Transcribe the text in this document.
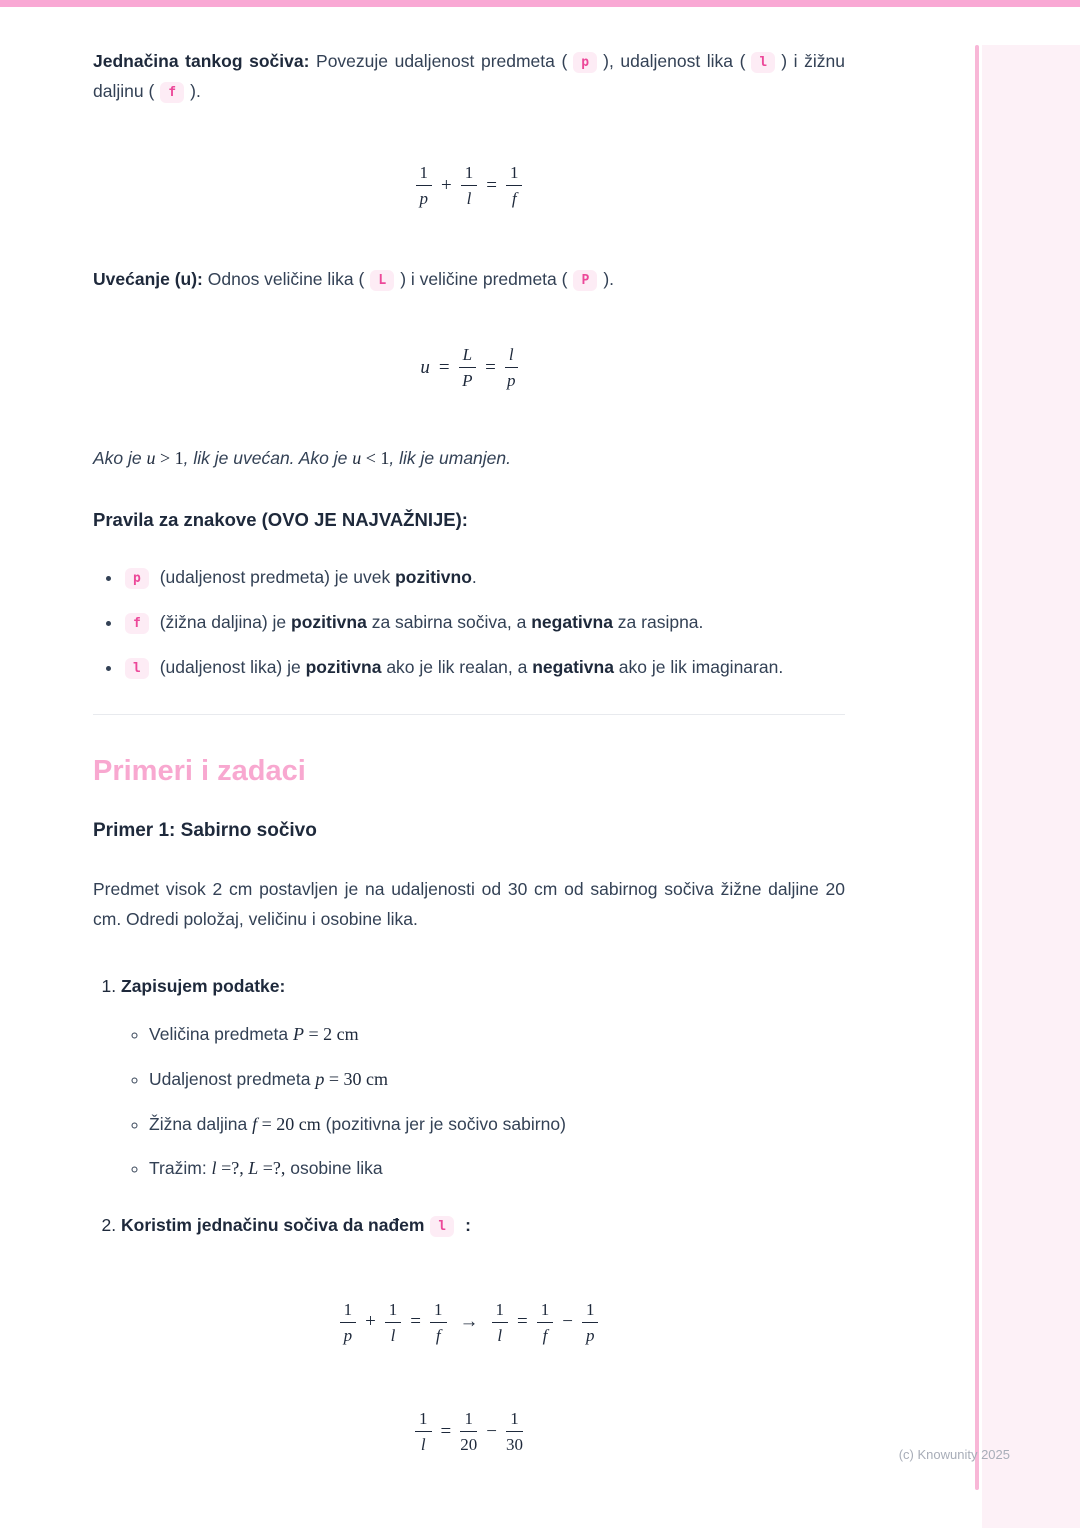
(c) Knowunity 2025

Jednačina tankog sočiva: Povezuje udaljenost predmeta ( p ), udaljenost lika ( l ) i žižnu daljinu ( f ).

$\frac{1}{p} + \frac{1}{l} = \frac{1}{f}$

Uvećanje (u): Odnos veličine lika ( L ) i veličine predmeta ( P ).

$u = \frac{L}{P} = \frac{l}{p}$

Ako je u > 1, lik je uvećan. Ako je u < 1, lik je umanjen.

Pravila za znakove (OVO JE NAJVAŽNIJE):

• p (udaljenost predmeta) je uvek pozitivno.
• f (žižna daljina) je pozitivna za sabirna sočiva, a negativna za rasipna.
• l (udaljenost lika) je pozitivna ako je lik realan, a negativna ako je lik imaginaran.
Primeri i zadaci
Primer 1: Sabirno sočivo

Predmet visok 2 cm postavljen je na udaljenosti od 30 cm od sabirnog sočiva žižne daljine 20 cm. Odredi položaj, veličinu i osobine lika.

1. Zapisujem podatke:
◦ Veličina predmeta P = 2 cm
◦ Udaljenost predmeta p = 30 cm
◦ Žižna daljina f = 20 cm (pozitivna jer je sočivo sabirno)
◦ Tražim: l =?, L =?, osobine lika
2. Koristim jednačinu sočiva da nađem l :
$\frac{1}{p} + \frac{1}{l} = \frac{1}{f} \to \frac{1}{l} = \frac{1}{f} - \frac{1}{p}$
$\frac{1}{l} = \frac{1}{20} - \frac{1}{30}$
